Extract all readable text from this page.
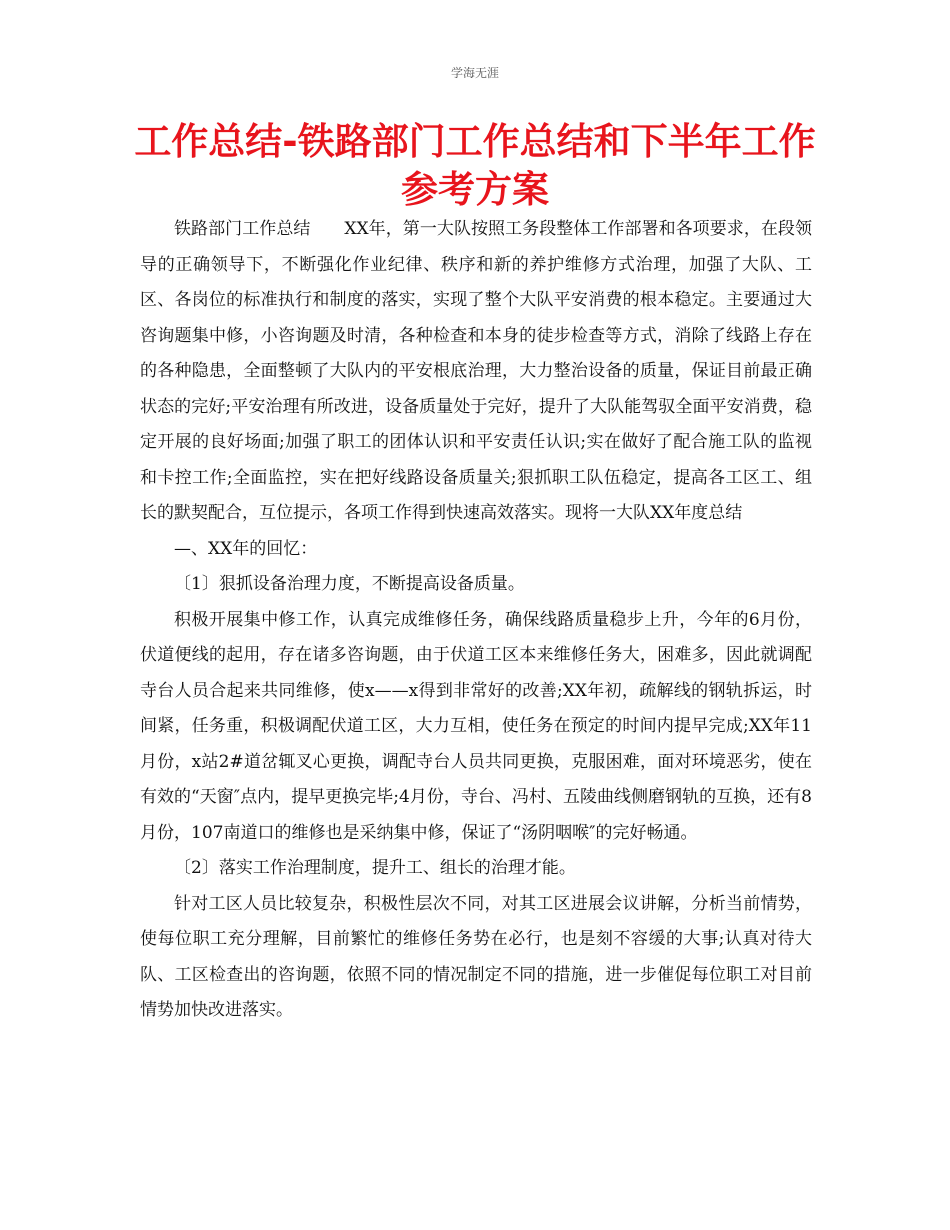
学海无涯
工作总结-铁路部门工作总结和下半年工作参考方案

铁路部门工作总结 XX年，第一大队按照工务段整体工作部署和各项要求，在段领导的正确领导下，不断强化作业纪律、秩序和新的养护维修方式治理，加强了大队、工区、各岗位的标准执行和制度的落实，实现了整个大队平安消费的根本稳定。主要通过大咨询题集中修，小咨询题及时清，各种检查和本身的徒步检查等方式，消除了线路上存在的各种隐患，全面整顿了大队内的平安根底治理，大力整治设备的质量，保证目前最正确状态的完好;平安治理有所改进，设备质量处于完好，提升了大队能驾驭全面平安消费，稳定开展的良好场面;加强了职工的团体认识和平安责任认识;实在做好了配合施工队的监视和卡控工作;全面监控，实在把好线路设备质量关;狠抓职工队伍稳定，提高各工区工、组长的默契配合，互位提示，各项工作得到快速高效落实。现将一大队XX年度总结

—、XX年的回忆：

〔1〕狠抓设备治理力度，不断提高设备质量。

积极开展集中修工作，认真完成维修任务，确保线路质量稳步上升，今年的6月份，伏道便线的起用，存在诸多咨询题，由于伏道工区本来维修任务大，困难多，因此就调配寺台人员合起来共同维修，使x——x得到非常好的改善;XX年初，疏解线的钢轨拆运，时间紧，任务重，积极调配伏道工区，大力互相，使任务在预定的时间内提早完成;XX年11月份，x站2#道岔辄叉心更换，调配寺台人员共同更换，克服困难，面对环境恶劣，使在有效的“天窗″点内，提早更换完毕;4月份，寺台、冯村、五陵曲线侧磨钢轨的互换，还有8月份，107南道口的维修也是采纳集中修，保证了“汤阴咽喉″的完好畅通。

〔2〕落实工作治理制度，提升工、组长的治理才能。

针对工区人员比较复杂，积极性层次不同，对其工区进展会议讲解，分析当前情势，使每位职工充分理解，目前繁忙的维修任务势在必行，也是刻不容缓的大事;认真对待大队、工区检查出的咨询题，依照不同的情况制定不同的措施，进一步催促每位职工对目前情势加快改进落实。
